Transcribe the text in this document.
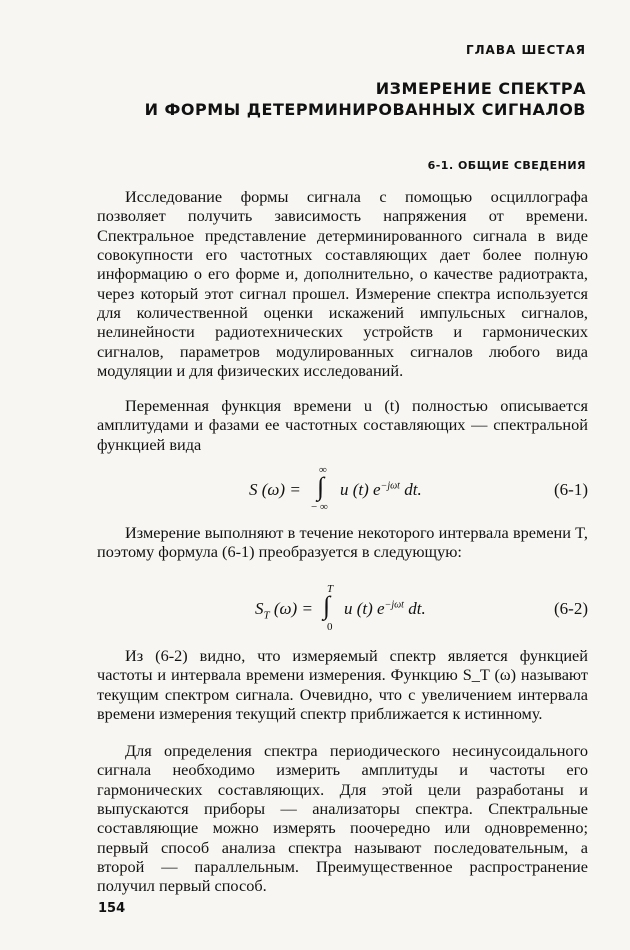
ГЛАВА ШЕСТАЯ
ИЗМЕРЕНИЕ СПЕКТРА
И ФОРМЫ ДЕТЕРМИНИРОВАННЫХ СИГНАЛОВ
6-1. ОБЩИЕ СВЕДЕНИЯ

Исследование формы сигнала с помощью осциллографа позволяет получить зависимость напряжения от времени. Спектральное представление детерминированного сигнала в виде совокупности его частотных составляющих дает более полную информацию о его форме и, дополнительно, о качестве радиотракта, через который этот сигнал прошел. Измерение спектра используется для количественной оценки искажений импульсных сигналов, нелинейности радиотехнических устройств и гармонических сигналов, параметров модулированных сигналов любого вида модуляции и для физических исследований.

Переменная функция времени u (t) полностью описывается амплитудами и фазами ее частотных составляющих — спектральной функцией вида

S (ω) =
∞
∫
− ∞
u (t) $e^{-j\omega t}$ dt.	(6-1)

Измерение выполняют в течение некоторого интервала времени T, поэтому формула (6-1) преобразуется в следующую:

$S_T$ (ω) =
T
∫
0
u (t) $e^{-j\omega t}$ dt.	(6-2)

Из (6-2) видно, что измеряемый спектр является функцией частоты и интервала времени измерения. Функцию S_T (ω) называют текущим спектром сигнала. Очевидно, что с увеличением интервала времени измерения текущий спектр приближается к истинному.

Для определения спектра периодического несинусоидального сигнала необходимо измерить амплитуды и частоты его гармонических составляющих. Для этой цели разработаны и выпускаются приборы — анализаторы спектра. Спектральные составляющие можно измерять поочередно или одновременно; первый способ анализа спектра называют последовательным, а второй — параллельным. Преимущественное распространение получил первый способ.

154
